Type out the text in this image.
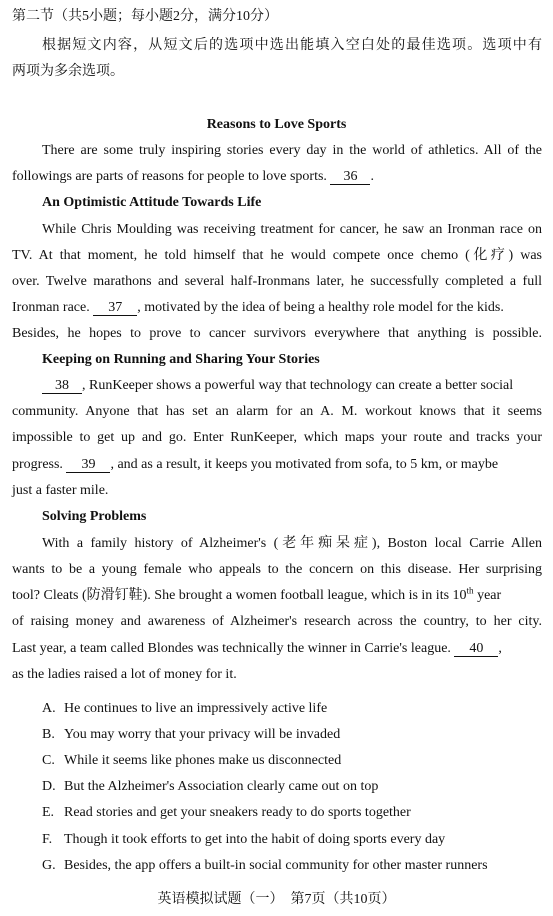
第二节（共5小题；每小题2分，满分10分）
根据短文内容，从短文后的选项中选出能填入空白处的最佳选项。选项中有
两项为多余选项。
Reasons to Love Sports
There are some truly inspiring stories every day in the world of athletics. All of the
followings are parts of reasons for people to love sports. 36 .
An Optimistic Attitude Towards Life
While Chris Moulding was receiving treatment for cancer, he saw an Ironman race on
TV. At that moment, he told himself that he would compete once chemo (化疗) was
over. Twelve marathons and several half-Ironmans later, he successfully completed a full
Ironman race. 37 , motivated by the idea of being a healthy role model for the kids.
Besides, he hopes to prove to cancer survivors everywhere that anything is possible.
Keeping on Running and Sharing Your Stories
38 , RunKeeper shows a powerful way that technology can create a better social
community. Anyone that has set an alarm for an A. M. workout knows that it seems
impossible to get up and go. Enter RunKeeper, which maps your route and tracks your
progress. 39 , and as a result, it keeps you motivated from sofa, to 5 km, or maybe
just a faster mile.
Solving Problems
With a family history of Alzheimer's (老年痴呆症), Boston local Carrie Allen
wants to be a young female who appeals to the concern on this disease. Her surprising
tool? Cleats (防滑钉鞋). She brought a women football league, which is in its 10th year
of raising money and awareness of Alzheimer's research across the country, to her city.
Last year, a team called Blondes was technically the winner in Carrie's league. 40 ,
as the ladies raised a lot of money for it.
A. He continues to live an impressively active life
B. You may worry that your privacy will be invaded
C. While it seems like phones make us disconnected
D. But the Alzheimer's Association clearly came out on top
E. Read stories and get your sneakers ready to do sports together
F. Though it took efforts to get into the habit of doing sports every day
G. Besides, the app offers a built-in social community for other master runners
英语模拟试题（一）　第7页（共10页）
